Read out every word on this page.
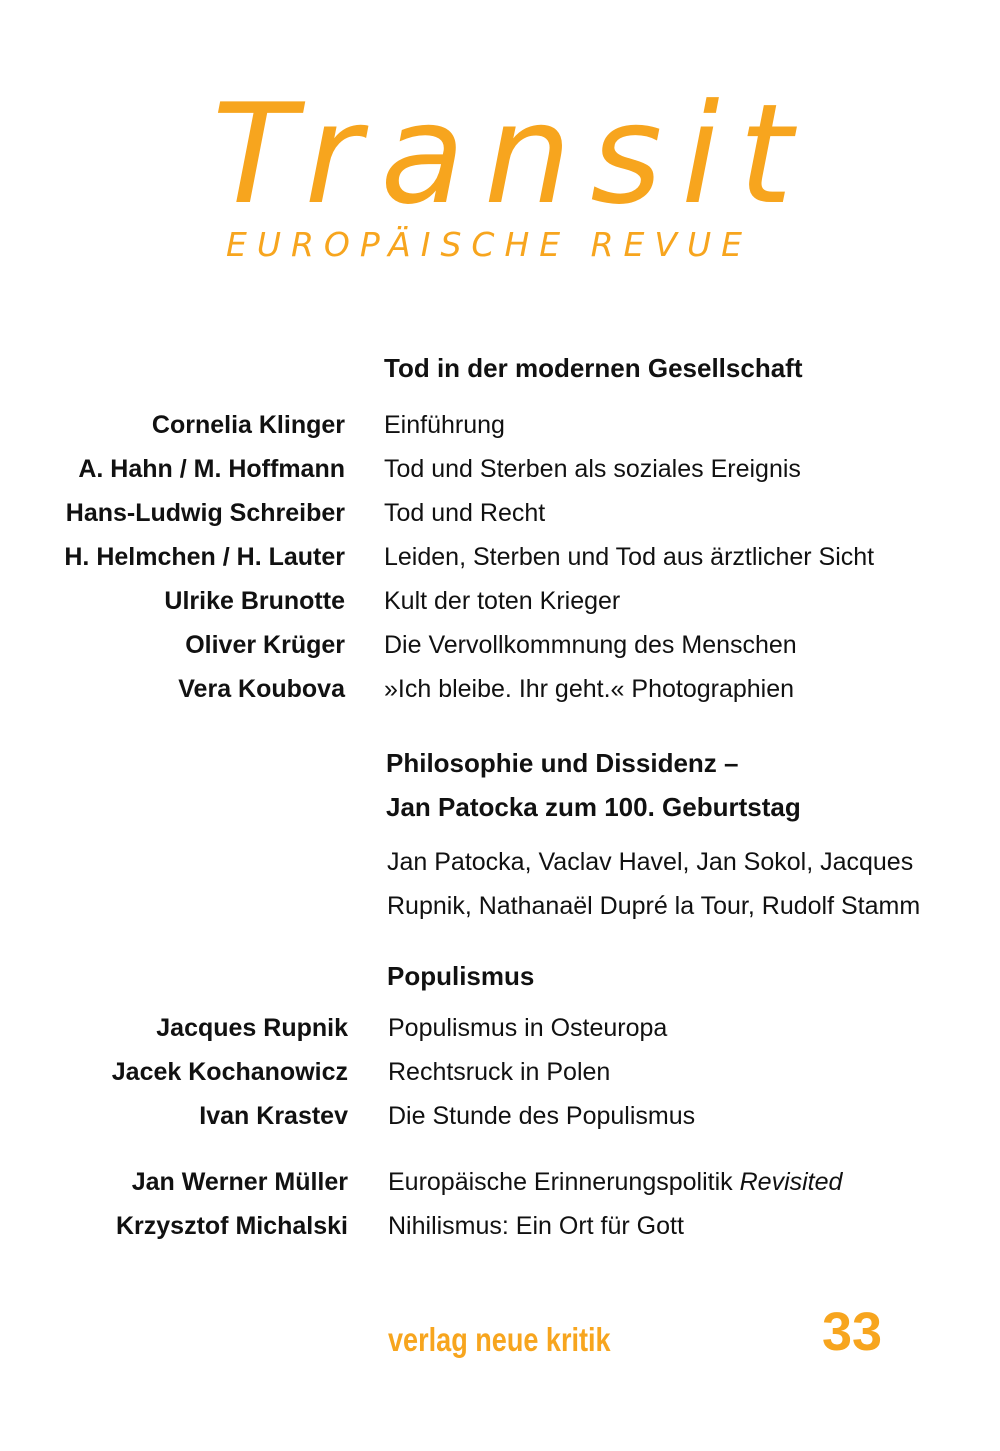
Transit
EUROPÄISCHE REVUE
Tod in der modernen Gesellschaft
Cornelia Klinger Einführung
A. Hahn / M. Hoffmann Tod und Sterben als soziales Ereignis
Hans-Ludwig Schreiber Tod und Recht
H. Helmchen / H. Lauter Leiden, Sterben und Tod aus ärztlicher Sicht
Ulrike Brunotte Kult der toten Krieger
Oliver Krüger Die Vervollkommnung des Menschen
Vera Koubova »Ich bleibe. Ihr geht.« Photographien
Philosophie und Dissidenz –
Jan Patocka zum 100. Geburtstag
Jan Patocka, Vaclav Havel, Jan Sokol, Jacques
Rupnik, Nathanaël Dupré la Tour, Rudolf Stamm
Populismus
Jacques Rupnik Populismus in Osteuropa
Jacek Kochanowicz Rechtsruck in Polen
Ivan Krastev Die Stunde des Populismus
Jan Werner Müller Europäische Erinnerungspolitik Revisited
Krzysztof Michalski Nihilismus: Ein Ort für Gott
verlag neue kritik	33
